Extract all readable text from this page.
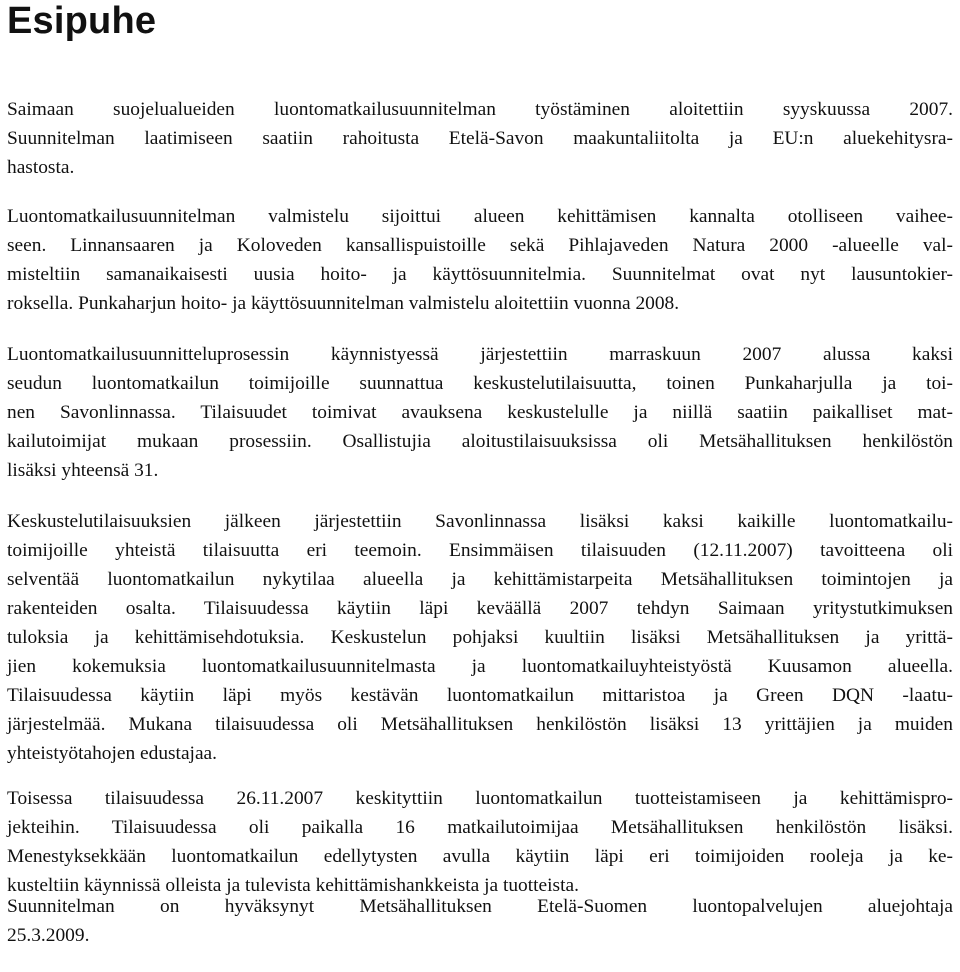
Esipuhe

Saimaan suojelualueiden luontomatkailusuunnitelman työstäminen aloitettiin syyskuussa 2007.
Suunnitelman laatimiseen saatiin rahoitusta Etelä-Savon maakuntaliitolta ja EU:n aluekehitysra-
hastosta.

Luontomatkailusuunnitelman valmistelu sijoittui alueen kehittämisen kannalta otolliseen vaihee-
seen. Linnansaaren ja Koloveden kansallispuistoille sekä Pihlajaveden Natura 2000 -alueelle val-
misteltiin samanaikaisesti uusia hoito- ja käyttösuunnitelmia. Suunnitelmat ovat nyt lausuntokier-
roksella. Punkaharjun hoito- ja käyttösuunnitelman valmistelu aloitettiin vuonna 2008.

Luontomatkailusuunnitteluprosessin käynnistyessä järjestettiin marraskuun 2007 alussa kaksi
seudun luontomatkailun toimijoille suunnattua keskustelutilaisuutta, toinen Punkaharjulla ja toi-
nen Savonlinnassa. Tilaisuudet toimivat avauksena keskustelulle ja niillä saatiin paikalliset mat-
kailutoimijat mukaan prosessiin. Osallistujia aloitustilaisuuksissa oli Metsähallituksen henkilöstön
lisäksi yhteensä 31.

Keskustelutilaisuuksien jälkeen järjestettiin Savonlinnassa lisäksi kaksi kaikille luontomatkailu-
toimijoille yhteistä tilaisuutta eri teemoin. Ensimmäisen tilaisuuden (12.11.2007) tavoitteena oli
selventää luontomatkailun nykytilaa alueella ja kehittämistarpeita Metsähallituksen toimintojen ja
rakenteiden osalta. Tilaisuudessa käytiin läpi keväällä 2007 tehdyn Saimaan yritystutkimuksen
tuloksia ja kehittämisehdotuksia. Keskustelun pohjaksi kuultiin lisäksi Metsähallituksen ja yrittä-
jien kokemuksia luontomatkailusuunnitelmasta ja luontomatkailuyhteistyöstä Kuusamon alueella.
Tilaisuudessa käytiin läpi myös kestävän luontomatkailun mittaristoa ja Green DQN -laatu-
järjestelmää. Mukana tilaisuudessa oli Metsähallituksen henkilöstön lisäksi 13 yrittäjien ja muiden
yhteistyötahojen edustajaa.

Toisessa tilaisuudessa 26.11.2007 keskityttiin luontomatkailun tuotteistamiseen ja kehittämispro-
jekteihin. Tilaisuudessa oli paikalla 16 matkailutoimijaa Metsähallituksen henkilöstön lisäksi.
Menestyksekkään luontomatkailun edellytysten avulla käytiin läpi eri toimijoiden rooleja ja ke-
kusteltiin käynnissä olleista ja tulevista kehittämishankkeista ja tuotteista.

Suunnitelman on hyväksynyt Metsähallituksen Etelä-Suomen luontopalvelujen aluejohtaja
25.3.2009.
